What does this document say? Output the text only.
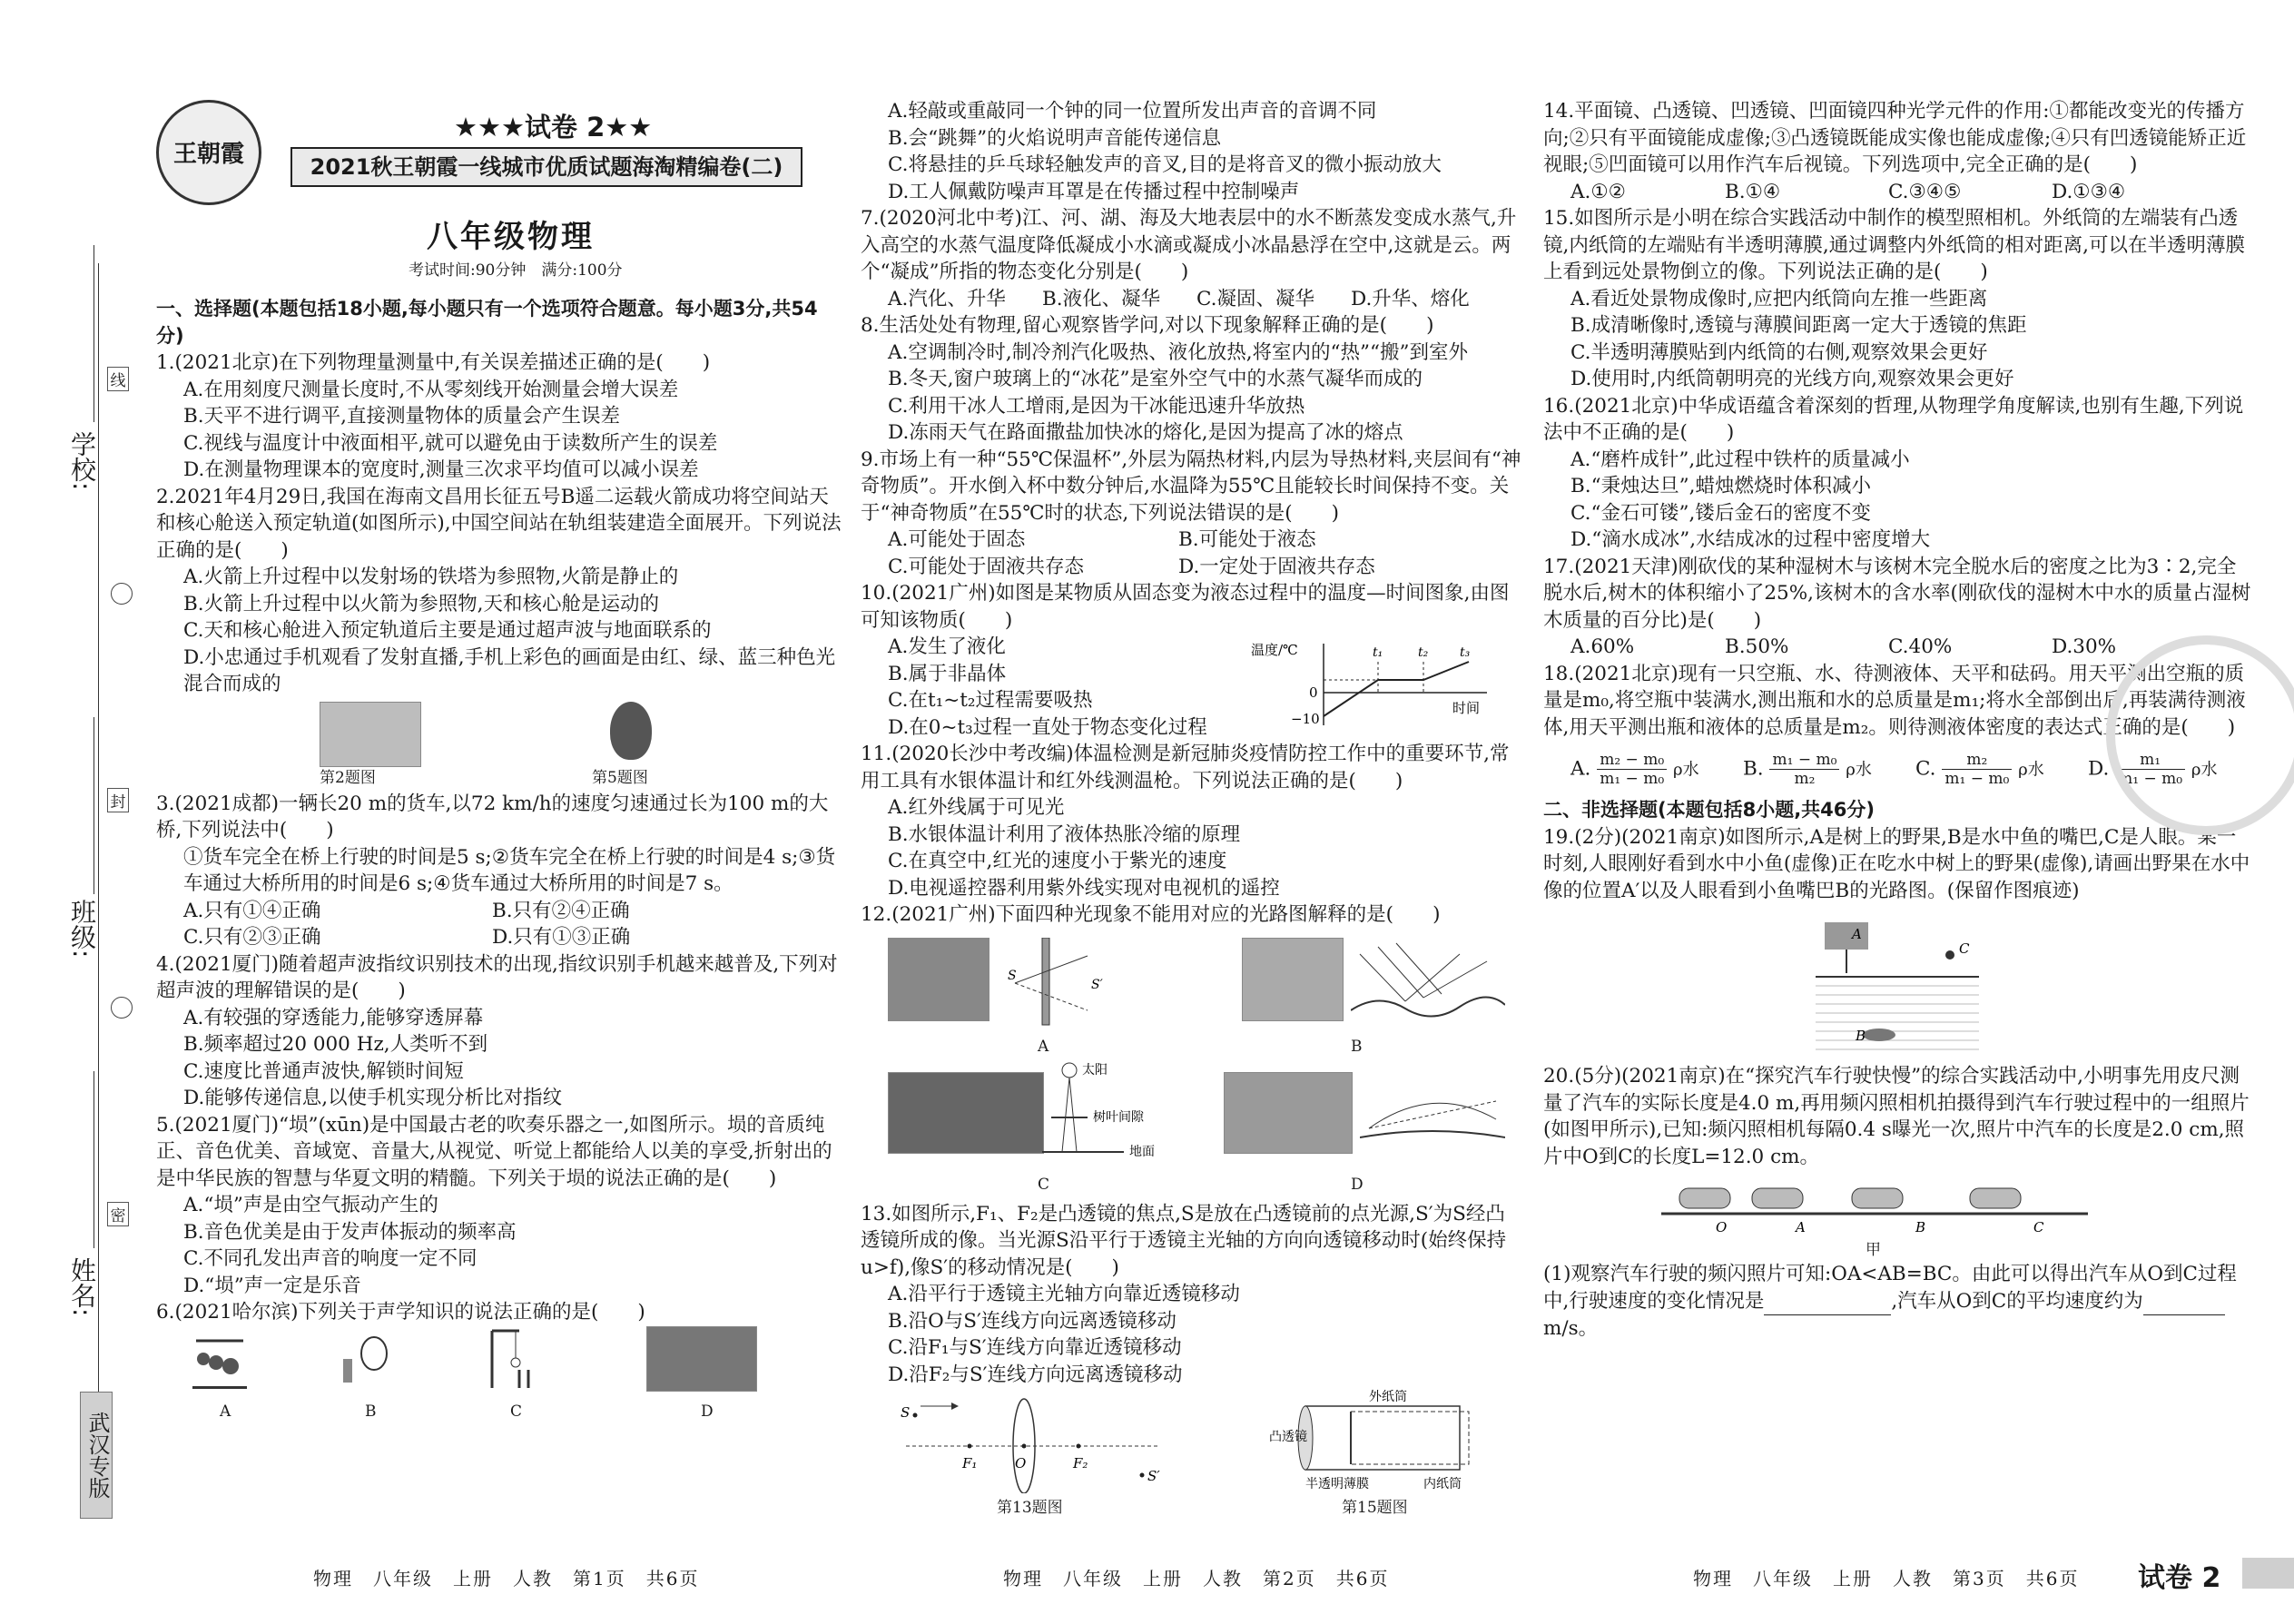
学校:
班级:
姓名:
线
封
密
武汉专版
王朝霞
★★★试卷 2★★
2021秋王朝霞一线城市优质试题海淘精编卷(二)
八年级物理
考试时间:90分钟　满分:100分

一、选择题(本题包括18小题,每小题只有一个选项符合题意。每小题3分,共54分)

1.(2021北京)在下列物理量测量中,有关误差描述正确的是(　　)

A.在用刻度尺测量长度时,不从零刻线开始测量会增大误差

B.天平不进行调平,直接测量物体的质量会产生误差

C.视线与温度计中液面相平,就可以避免由于读数所产生的误差

D.在测量物理课本的宽度时,测量三次求平均值可以减小误差

2.2021年4月29日,我国在海南文昌用长征五号B遥二运载火箭成功将空间站天和核心舱送入预定轨道(如图所示),中国空间站在轨组装建造全面展开。下列说法正确的是(　　)

A.火箭上升过程中以发射场的铁塔为参照物,火箭是静止的

B.火箭上升过程中以火箭为参照物,天和核心舱是运动的

C.天和核心舱进入预定轨道后主要是通过超声波与地面联系的

D.小忠通过手机观看了发射直播,手机上彩色的画面是由红、绿、蓝三种色光混合而成的

第2题图	第5题图

3.(2021成都)一辆长20 m的货车,以72 km/h的速度匀速通过长为100 m的大桥,下列说法中(　　)

①货车完全在桥上行驶的时间是5 s;②货车完全在桥上行驶的时间是4 s;③货车通过大桥所用的时间是6 s;④货车通过大桥所用的时间是7 s。

A.只有①④正确	B.只有②④正确

C.只有②③正确	D.只有①③正确

4.(2021厦门)随着超声波指纹识别技术的出现,指纹识别手机越来越普及,下列对超声波的理解错误的是(　　)

A.有较强的穿透能力,能够穿透屏幕

B.频率超过20 000 Hz,人类听不到

C.速度比普通声波快,解锁时间短

D.能够传递信息,以使手机实现分析比对指纹

5.(2021厦门)“埙”(xūn)是中国最古老的吹奏乐器之一,如图所示。埙的音质纯正、音色优美、音域宽、音量大,从视觉、听觉上都能给人以美的享受,折射出的是中华民族的智慧与华夏文明的精髓。下列关于埙的说法正确的是(　　)

A.“埙”声是由空气振动产生的

B.音色优美是由于发声体振动的频率高

C.不同孔发出声音的响度一定不同

D.“埙”声一定是乐音

6.(2021哈尔滨)下列关于声学知识的说法正确的是(　　)

A	B	C	D

A.轻敲或重敲同一个钟的同一位置所发出声音的音调不同

B.会“跳舞”的火焰说明声音能传递信息

C.将悬挂的乒乓球轻触发声的音叉,目的是将音叉的微小振动放大

D.工人佩戴防噪声耳罩是在传播过程中控制噪声

7.(2020河北中考)江、河、湖、海及大地表层中的水不断蒸发变成水蒸气,升入高空的水蒸气温度降低凝成小水滴或凝成小冰晶悬浮在空中,这就是云。两个“凝成”所指的物态变化分别是(　　)

A.汽化、升华	B.液化、凝华	C.凝固、凝华	D.升华、熔化

8.生活处处有物理,留心观察皆学问,对以下现象解释正确的是(　　)

A.空调制冷时,制冷剂汽化吸热、液化放热,将室内的“热”“搬”到室外

B.冬天,窗户玻璃上的“冰花”是室外空气中的水蒸气凝华而成的

C.利用干冰人工增雨,是因为干冰能迅速升华放热

D.冻雨天气在路面撒盐加快冰的熔化,是因为提高了冰的熔点

9.市场上有一种“55℃保温杯”,外层为隔热材料,内层为导热材料,夹层间有“神奇物质”。开水倒入杯中数分钟后,水温降为55℃且能较长时间保持不变。关于“神奇物质”在55℃时的状态,下列说法错误的是(　　)

A.可能处于固态	B.可能处于液态

C.可能处于固液共存态	D.一定处于固液共存态

10.(2021广州)如图是某物质从固态变为液态过程中的温度—时间图象,由图可知该物质(　　)

A.发生了液化

B.属于非晶体

C.在t₁~t₂过程需要吸热

D.在0~t₃过程一直处于物态变化过程

温度/℃
0
−10
t₁	t₂ t₃
时间

11.(2020长沙中考改编)体温检测是新冠肺炎疫情防控工作中的重要环节,常用工具有水银体温计和红外线测温枪。下列说法正确的是(　　)

A.红外线属于可见光

B.水银体温计利用了液体热胀冷缩的原理

C.在真空中,红光的速度小于紫光的速度

D.电视遥控器利用紫外线实现对电视机的遥控

12.(2021广州)下面四种光现象不能用对应的光路图解释的是(　　)

S
S′
A	B
太阳
树叶间隙
地面
C	D

13.如图所示,F₁、F₂是凸透镜的焦点,S是放在凸透镜前的点光源,S′为S经凸透镜所成的像。当光源S沿平行于透镜主光轴的方向向透镜移动时(始终保持u>f),像S′的移动情况是(　　)

A.沿平行于透镜主光轴方向靠近透镜移动

B.沿O与S′连线方向远离透镜移动

C.沿F₁与S′连线方向靠近透镜移动

D.沿F₂与S′连线方向远离透镜移动

S
F₁	O	F₂
S′
外纸筒
凸透镜
半透明薄膜	内纸筒
第13题图	第15题图

14.平面镜、凸透镜、凹透镜、凹面镜四种光学元件的作用:①都能改变光的传播方向;②只有平面镜能成虚像;③凸透镜既能成实像也能成虚像;④只有凹透镜能矫正近视眼;⑤凹面镜可以用作汽车后视镜。下列选项中,完全正确的是(　　)

A.①②	B.①④	C.③④⑤	D.①③④

15.如图所示是小明在综合实践活动中制作的模型照相机。外纸筒的左端装有凸透镜,内纸筒的左端贴有半透明薄膜,通过调整内外纸筒的相对距离,可以在半透明薄膜上看到远处景物倒立的像。下列说法正确的是(　　)

A.看近处景物成像时,应把内纸筒向左推一些距离

B.成清晰像时,透镜与薄膜间距离一定大于透镜的焦距

C.半透明薄膜贴到内纸筒的右侧,观察效果会更好

D.使用时,内纸筒朝明亮的光线方向,观察效果会更好

16.(2021北京)中华成语蕴含着深刻的哲理,从物理学角度解读,也别有生趣,下列说法中不正确的是(　　)

A.“磨杵成针”,此过程中铁杵的质量减小

B.“秉烛达旦”,蜡烛燃烧时体积减小

C.“金石可镂”,镂后金石的密度不变

D.“滴水成冰”,水结成冰的过程中密度增大

17.(2021天津)刚砍伐的某种湿树木与该树木完全脱水后的密度之比为3∶2,完全脱水后,树木的体积缩小了25%,该树木的含水率(刚砍伐的湿树木中水的质量占湿树木质量的百分比)是(　　)

A.60%	B.50%	C.40%	D.30%

18.(2021北京)现有一只空瓶、水、待测液体、天平和砝码。用天平测出空瓶的质量是m₀,将空瓶中装满水,测出瓶和水的总质量是m₁;将水全部倒出后,再装满待测液体,用天平测出瓶和液体的总质量是m₂。则待测液体密度的表达式正确的是(　　)

A. $\frac{\text{m₂ − m₀}}{\text{m₁ − m₀}}$ ρ水	B. $\frac{\text{m₁ − m₀}}{\text{m₂}}$ ρ水	C. $\frac{\text{m₂}}{\text{m₁ − m₀}}$ ρ水	D. $\frac{\text{m₁}}{\text{m₁ − m₀}}$ ρ水

二、非选择题(本题包括8小题,共46分)

19.(2分)(2021南京)如图所示,A是树上的野果,B是水中鱼的嘴巴,C是人眼。某一时刻,人眼刚好看到水中小鱼(虚像)正在吃水中树上的野果(虚像),请画出野果在水中像的位置A′以及人眼看到小鱼嘴巴B的光路图。(保留作图痕迹)

A
B
C

20.(5分)(2021南京)在“探究汽车行驶快慢”的综合实践活动中,小明事先用皮尺测量了汽车的实际长度是4.0 m,再用频闪照相机拍摄得到汽车行驶过程中的一组照片(如图甲所示),已知:频闪照相机每隔0.4 s曝光一次,照片中汽车的长度是2.0 cm,照片中O到C的长度L=12.0 cm。

O	A	B	C
甲

(1)观察汽车行驶的频闪照片可知:OA<AB=BC。由此可以得出汽车从O到C过程中,行驶速度的变化情况是	,汽车从O到C的平均速度约为 m/s。

物理　八年级　上册　人教　第1页　共6页	物理　八年级　上册　人教　第2页　共6页	物理　八年级　上册　人教　第3页　共6页 试卷 2
